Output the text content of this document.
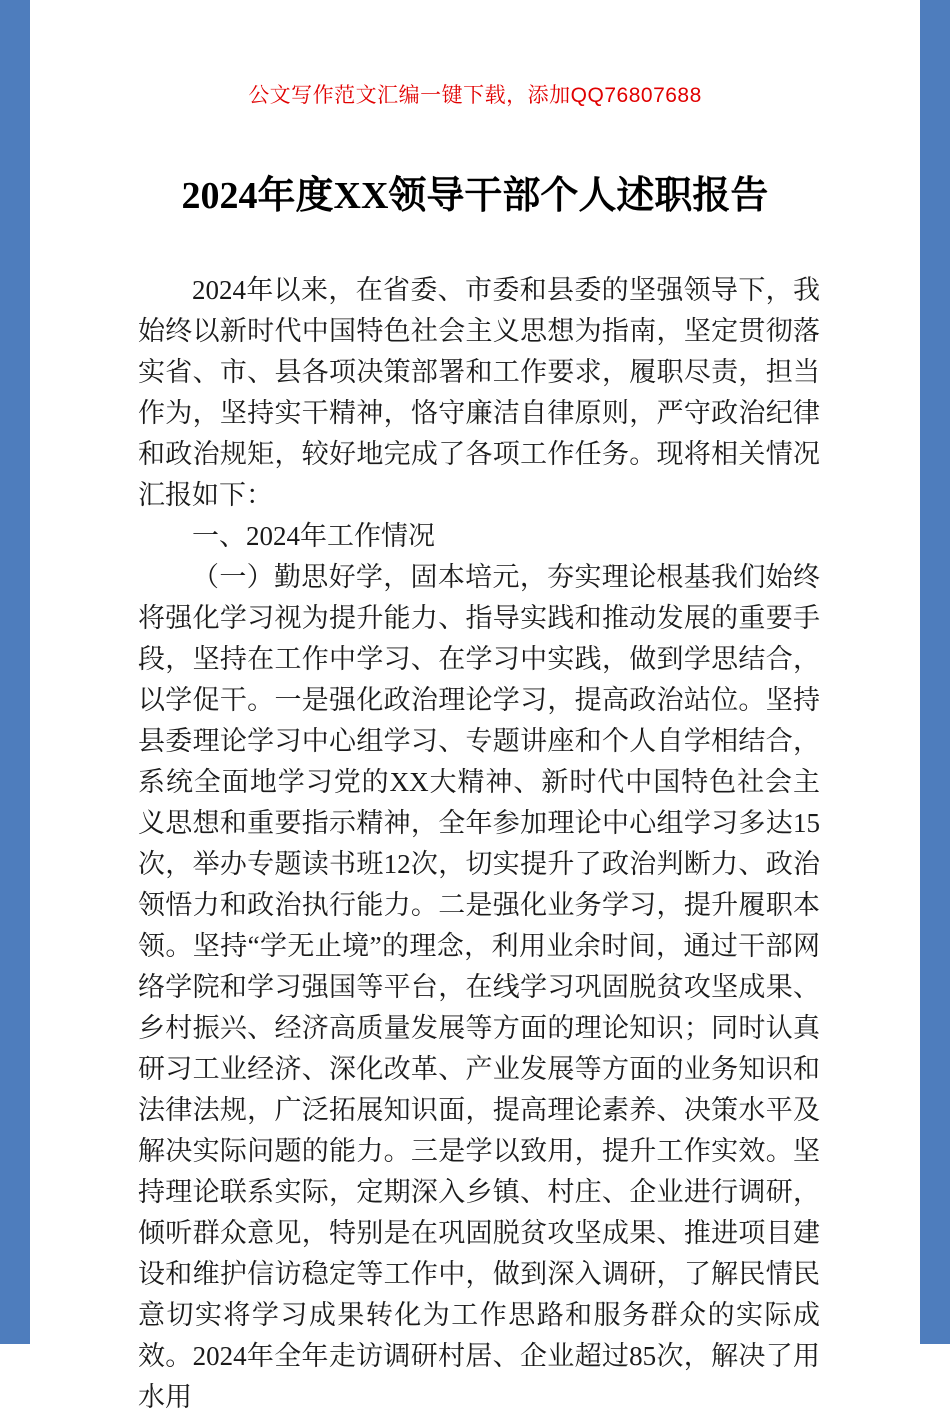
公文写作范文汇编一键下载，添加QQ76807688
2024年度XX领导干部个人述职报告

2024年以来，在省委、市委和县委的坚强领导下，我始终以新时代中国特色社会主义思想为指南，坚定贯彻落实省、市、县各项决策部署和工作要求，履职尽责，担当作为，坚持实干精神，恪守廉洁自律原则，严守政治纪律和政治规矩，较好地完成了各项工作任务。现将相关情况汇报如下：

一、2024年工作情况

（一）勤思好学，固本培元，夯实理论根基我们始终将强化学习视为提升能力、指导实践和推动发展的重要手段，坚持在工作中学习、在学习中实践，做到学思结合，以学促干。一是强化政治理论学习，提高政治站位。坚持县委理论学习中心组学习、专题讲座和个人自学相结合，系统全面地学习党的XX大精神、新时代中国特色社会主义思想和重要指示精神，全年参加理论中心组学习多达15次，举办专题读书班12次，切实提升了政治判断力、政治领悟力和政治执行能力。二是强化业务学习，提升履职本领。坚持“学无止境”的理念，利用业余时间，通过干部网络学院和学习强国等平台，在线学习巩固脱贫攻坚成果、乡村振兴、经济高质量发展等方面的理论知识；同时认真研习工业经济、深化改革、产业发展等方面的业务知识和法律法规，广泛拓展知识面，提高理论素养、决策水平及解决实际问题的能力。三是学以致用，提升工作实效。坚持理论联系实际，定期深入乡镇、村庄、企业进行调研，倾听群众意见，特别是在巩固脱贫攻坚成果、推进项目建设和维护信访稳定等工作中，做到深入调研，了解民情民意切实将学习成果转化为工作思路和服务群众的实际成效。2024年全年走访调研村居、企业超过85次，解决了用水用
